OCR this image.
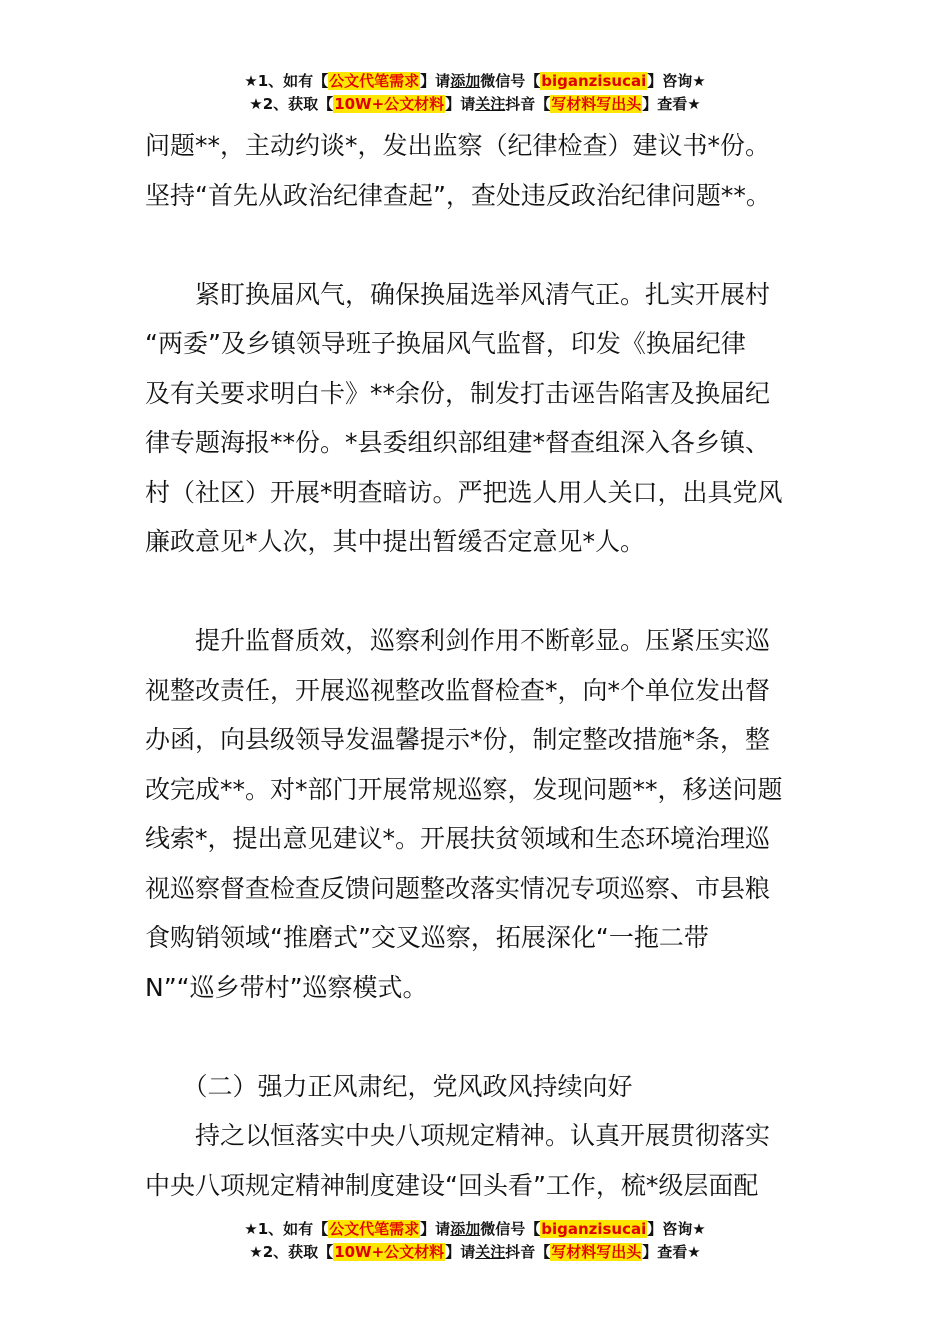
★1、如有【公文代笔需求】请添加微信号【biganzisucai】咨询★
★2、获取【10W+公文材料】请关注抖音【写材料写出头】查看★

问题**，主动约谈*，发出监察（纪律检查）建议书*份。

坚持“首先从政治纪律查起”，查处违反政治纪律问题**。

　　紧盯换届风气，确保换届选举风清气正。扎实开展村

“两委”及乡镇领导班子换届风气监督，印发《换届纪律

及有关要求明白卡》**余份，制发打击诬告陷害及换届纪

律专题海报**份。*县委组织部组建*督查组深入各乡镇、

村（社区）开展*明查暗访。严把选人用人关口，出具党风

廉政意见*人次，其中提出暂缓否定意见*人。

　　提升监督质效，巡察利剑作用不断彰显。压紧压实巡

视整改责任，开展巡视整改监督检查*，向*个单位发出督

办函，向县级领导发温馨提示*份，制定整改措施*条，整

改完成**。对*部门开展常规巡察，发现问题**，移送问题

线索*，提出意见建议*。开展扶贫领域和生态环境治理巡

视巡察督查检查反馈问题整改落实情况专项巡察、市县粮

食购销领域“推磨式”交叉巡察，拓展深化“一拖二带

N”“巡乡带村”巡察模式。

　　（二）强力正风肃纪，党风政风持续向好

　　持之以恒落实中央八项规定精神。认真开展贯彻落实

中央八项规定精神制度建设“回头看”工作，梳*级层面配

★1、如有【公文代笔需求】请添加微信号【biganzisucai】咨询★
★2、获取【10W+公文材料】请关注抖音【写材料写出头】查看★
